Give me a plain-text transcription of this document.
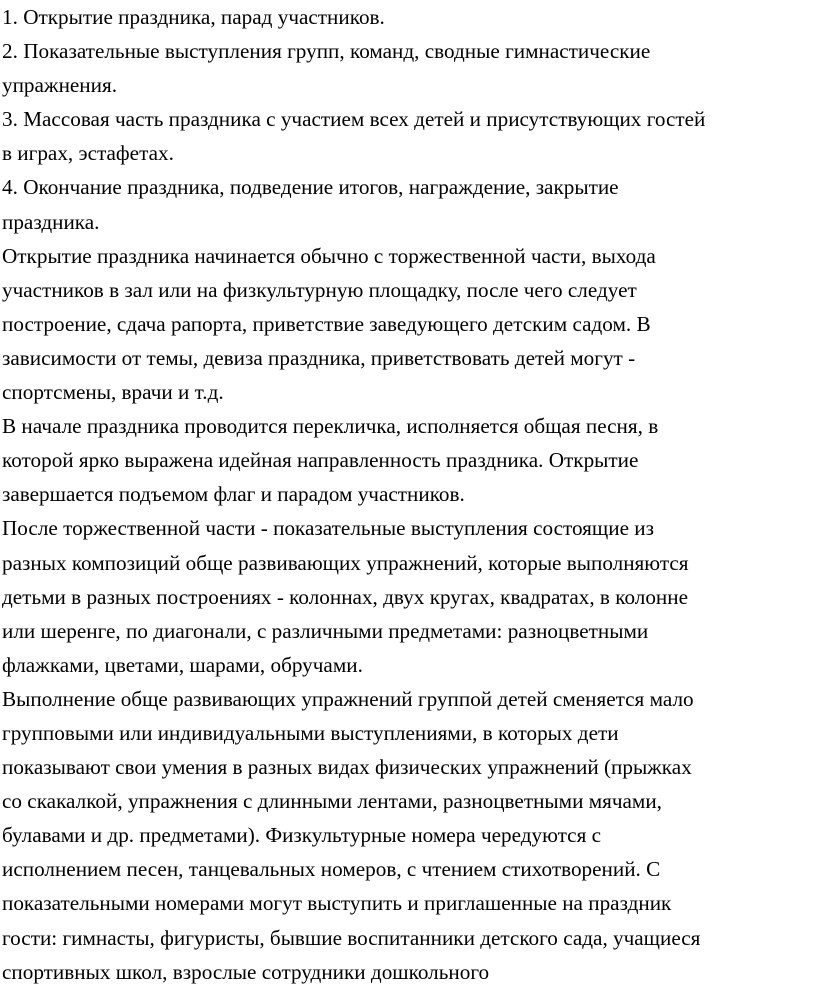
1. Открытие праздника, парад участников.
2. Показательные выступления групп, команд, сводные гимнастические
упражнения.
3. Массовая часть праздника с участием всех детей и присутствующих гостей
в играх, эстафетах.
4. Окончание праздника, подведение итогов, награждение, закрытие
праздника.
Открытие праздника начинается обычно с торжественной части, выхода
участников в зал или на физкультурную площадку, после чего следует
построение, сдача рапорта, приветствие заведующего детским садом. В
зависимости от темы, девиза праздника, приветствовать детей могут -
спортсмены, врачи и т.д.
В начале праздника проводится перекличка, исполняется общая песня, в
которой ярко выражена идейная направленность праздника. Открытие
завершается подъемом флаг и парадом участников.
После торжественной части - показательные выступления состоящие из
разных композиций обще развивающих упражнений, которые выполняются
детьми в разных построениях - колоннах, двух кругах, квадратах, в колонне
или шеренге, по диагонали, с различными предметами: разноцветными
флажками, цветами, шарами, обручами.
Выполнение обще развивающих упражнений группой детей сменяется мало
групповыми или индивидуальными выступлениями, в которых дети
показывают свои умения в разных видах физических упражнений (прыжках
со скакалкой, упражнения с длинными лентами, разноцветными мячами,
булавами и др. предметами). Физкультурные номера чередуются с
исполнением песен, танцевальных номеров, с чтением стихотворений. С
показательными номерами могут выступить и приглашенные на праздник
гости: гимнасты, фигуристы, бывшие воспитанники детского сада, учащиеся
спортивных школ, взрослые сотрудники дошкольного
